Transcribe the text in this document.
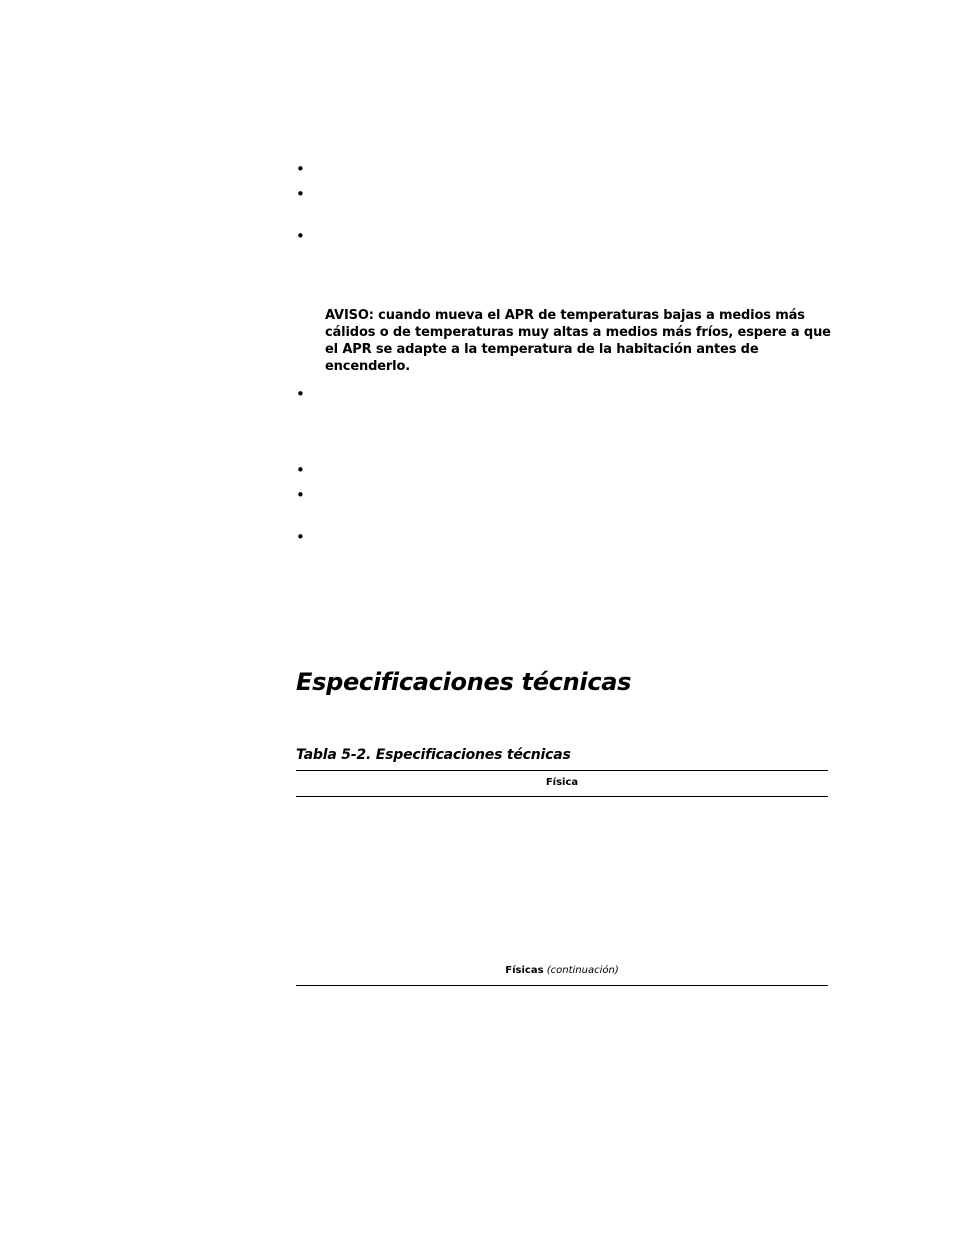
•
•
•
AVISO: cuando mueva el APR de temperaturas bajas a medios más cálidos o de temperaturas muy altas a medios más fríos, espere a que el APR se adapte a la temperatura de la habitación antes de encenderlo.
•
•
•
•
Especificaciones técnicas
Tabla 5-2. Especificaciones técnicas
Física
Físicas (continuación)
